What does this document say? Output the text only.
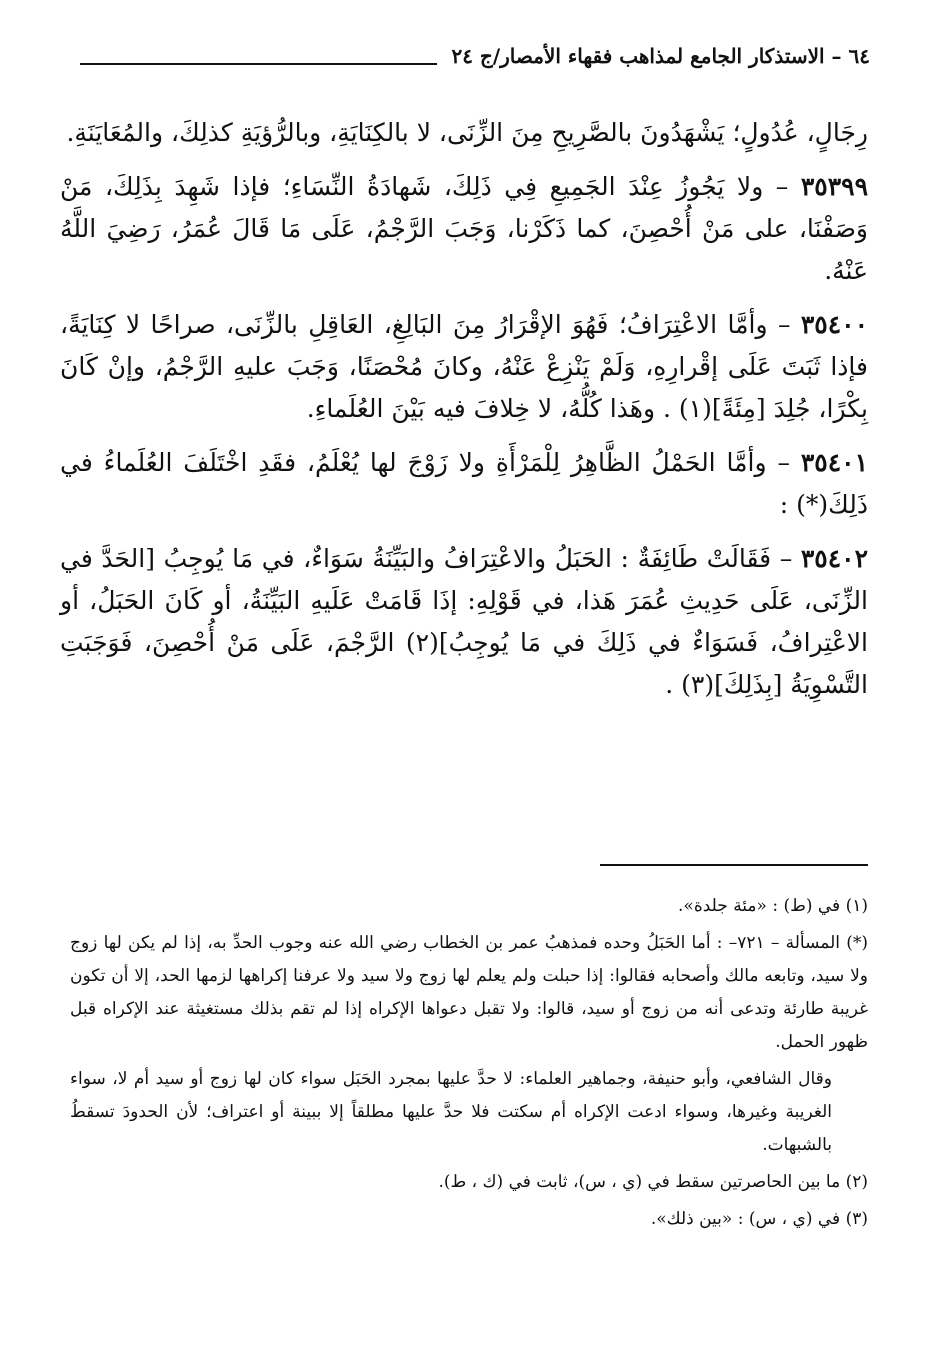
٦٤ – الاستذكار الجامع لمذاهب فقهاء الأمصار/ج ٢٤

رِجَالٍ، عُدُولٍ؛ يَشْهَدُونَ بالصَّرِيحِ مِنَ الزِّنَى، لا بالكِنَايَةِ، وبالرُّؤيَةِ كذلِكَ، والمُعَايَنَةِ.

٣٥٣٩٩ – ولا يَجُوزُ عِنْدَ الجَمِيعِ فِي ذَلِكَ، شَهادَةُ النِّسَاءِ؛ فإذا شَهِدَ بِذَلِكَ، مَنْ وَصَفْنَا، على مَنْ أُحْصِنَ، كما ذَكَرْنا، وَجَبَ الرَّجْمُ، عَلَى مَا قَالَ عُمَرُ، رَضِيَ اللَّهُ عَنْهُ.

٣٥٤٠٠ – وأمَّا الاعْتِرَافُ؛ فَهُوَ الإقْرَارُ مِنَ البَالِغِ، العَاقِلِ بالزِّنَى، صراحًا لا كِنَايَةً، فإذا ثَبَتَ عَلَى إقْرارِهِ، وَلَمْ يَنْزِعْ عَنْهُ، وكانَ مُحْصَنًا، وَجَبَ عليهِ الرَّجْمُ، وإنْ كَانَ بِكْرًا، جُلِدَ [مِئَةً](١) . وهَذا كُلُّهُ، لا خِلافَ فيه بَيْنَ العُلَماءِ.

٣٥٤٠١ – وأمَّا الحَمْلُ الظَّاهِرُ لِلْمَرْأَةِ ولا زَوْجَ لها يُعْلَمُ، فقَدِ اخْتَلَفَ العُلَماءُ في ذَلِكَ(*) :

٣٥٤٠٢ – فَقَالَتْ طَائِفَةٌ : الحَبَلُ والاعْتِرَافُ والبَيِّنَةُ سَوَاءٌ، في مَا يُوجِبُ [الحَدَّ في الزِّنَى، عَلَى حَدِيثِ عُمَرَ هَذا، في قَوْلِهِ: إذَا قَامَتْ عَلَيهِ البَيِّنَةُ، أو كَانَ الحَبَلُ، أو الاعْتِرافُ، فَسَوَاءٌ في ذَلِكَ في مَا يُوجِبُ](٢) الرَّجْمَ، عَلَى مَنْ أُحْصِنَ، فَوَجَبَتِ التَّسْوِيَةُ [بِذَلِكَ](٣) .

(١) في (ط) : «مئة جلدة».

(*) المسألة – ٧٢١– : أما الحَبَلُ وحده فمذهبُ عمر بن الخطاب رضي الله عنه وجوب الحدِّ به، إذا لم يكن لها زوج ولا سيد، وتابعه مالك وأصحابه فقالوا: إذا حبلت ولم يعلم لها زوج ولا سيد ولا عرفنا إكراهها لزمها الحد، إلا أن تكون غريبة طارئة وتدعى أنه من زوج أو سيد، قالوا: ولا تقبل دعواها الإكراه إذا لم تقم بذلك مستغيثة عند الإكراه قبل ظهور الحمل.

وقال الشافعي، وأبو حنيفة، وجماهير العلماء: لا حدَّ عليها بمجرد الحَبَل سواء كان لها زوج أو سيد أم لا، سواء الغريبة وغيرها، وسواء ادعت الإكراه أم سكتت فلا حدَّ عليها مطلقاً إلا ببينة أو اعتراف؛ لأن الحدودَ تسقطُ بالشبهات.

(٢) ما بين الحاصرتين سقط في (ي ، س)، ثابت في (ك ، ط).

(٣) في (ي ، س) : «بين ذلك».
